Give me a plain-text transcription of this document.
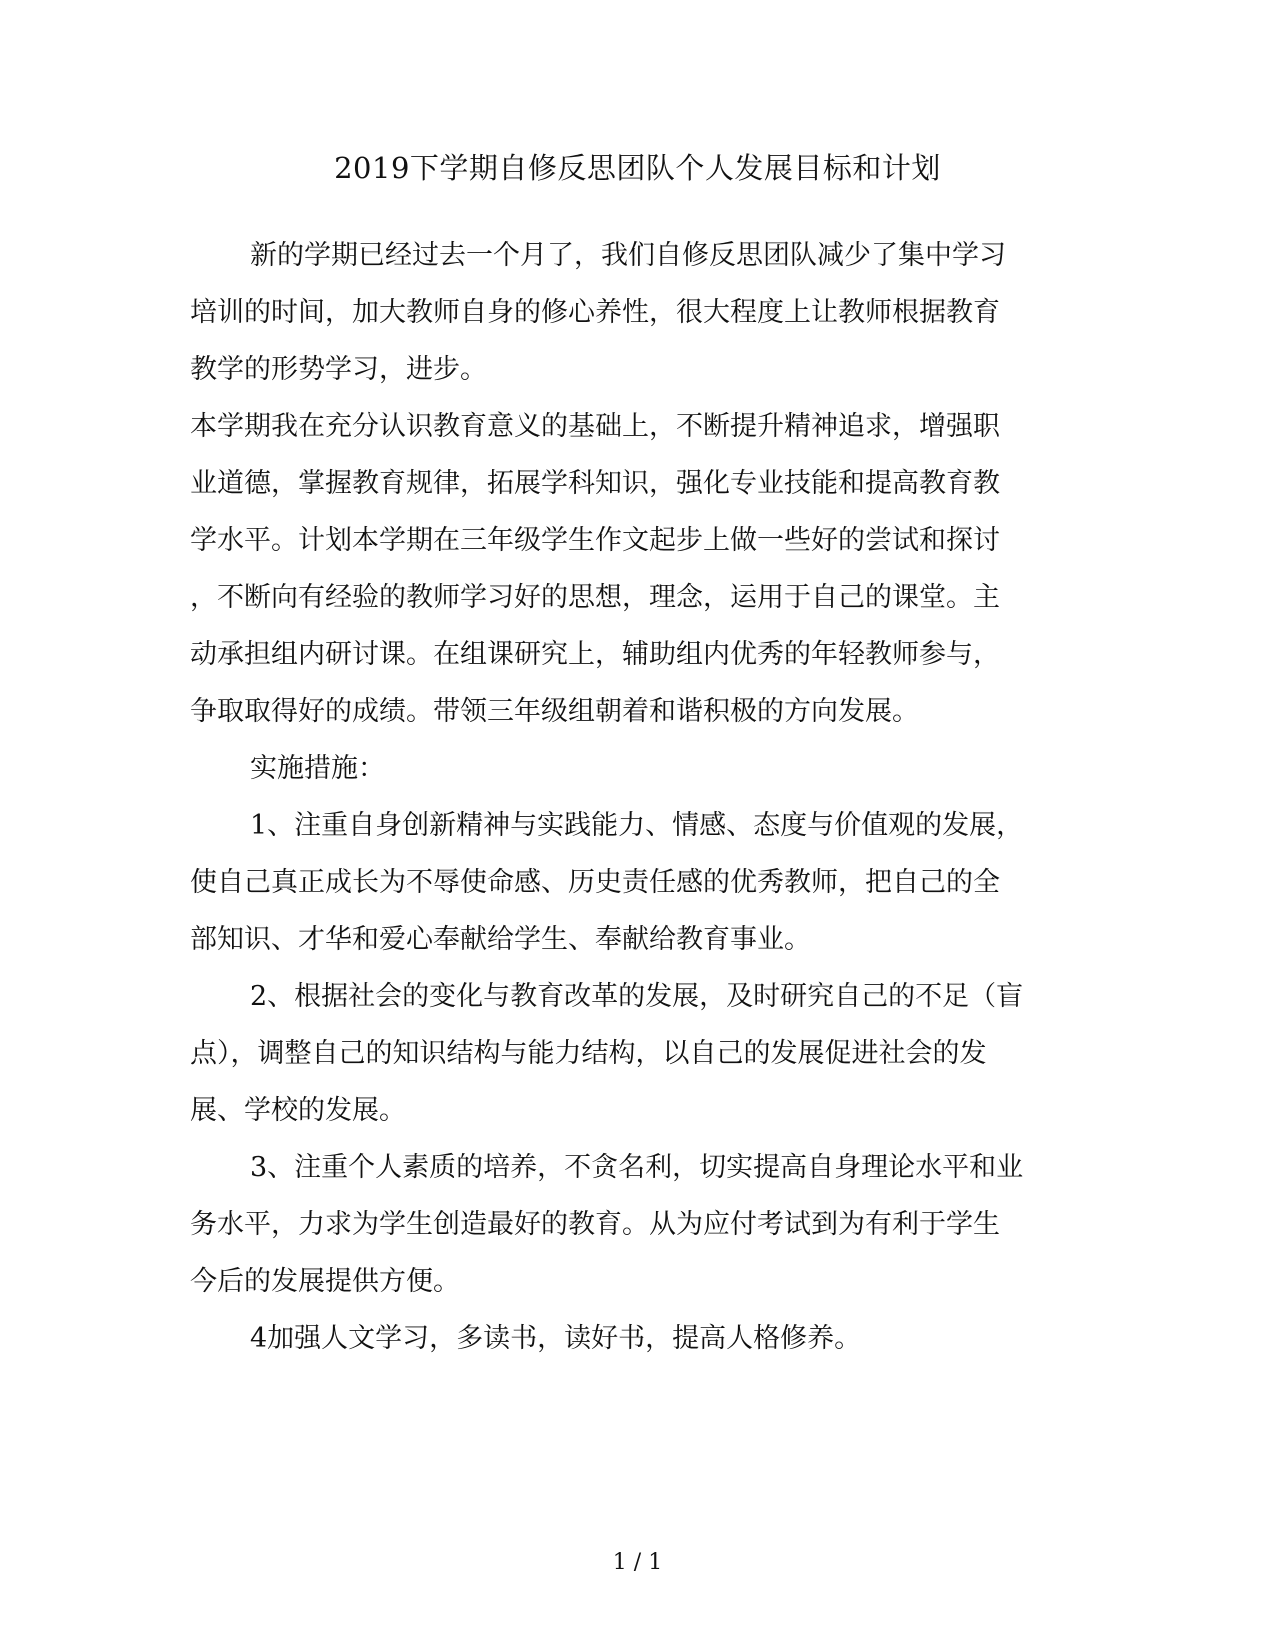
2019下学期自修反思团队个人发展目标和计划
新的学期已经过去一个月了，我们自修反思团队减少了集中学习
培训的时间，加大教师自身的修心养性，很大程度上让教师根据教育
教学的形势学习，进步。
本学期我在充分认识教育意义的基础上，不断提升精神追求，增强职
业道德，掌握教育规律，拓展学科知识，强化专业技能和提高教育教
学水平。计划本学期在三年级学生作文起步上做一些好的尝试和探讨
，不断向有经验的教师学习好的思想，理念，运用于自己的课堂。主
动承担组内研讨课。在组课研究上，辅助组内优秀的年轻教师参与，
争取取得好的成绩。带领三年级组朝着和谐积极的方向发展。
实施措施：
1、注重自身创新精神与实践能力、情感、态度与价值观的发展，
使自己真正成长为不辱使命感、历史责任感的优秀教师，把自己的全
部知识、才华和爱心奉献给学生、奉献给教育事业。
2、根据社会的变化与教育改革的发展，及时研究自己的不足（盲
点），调整自己的知识结构与能力结构，以自己的发展促进社会的发
展、学校的发展。
3、注重个人素质的培养，不贪名利，切实提高自身理论水平和业
务水平，力求为学生创造最好的教育。从为应付考试到为有利于学生
今后的发展提供方便。
4加强人文学习，多读书，读好书，提高人格修养。
1 / 1
